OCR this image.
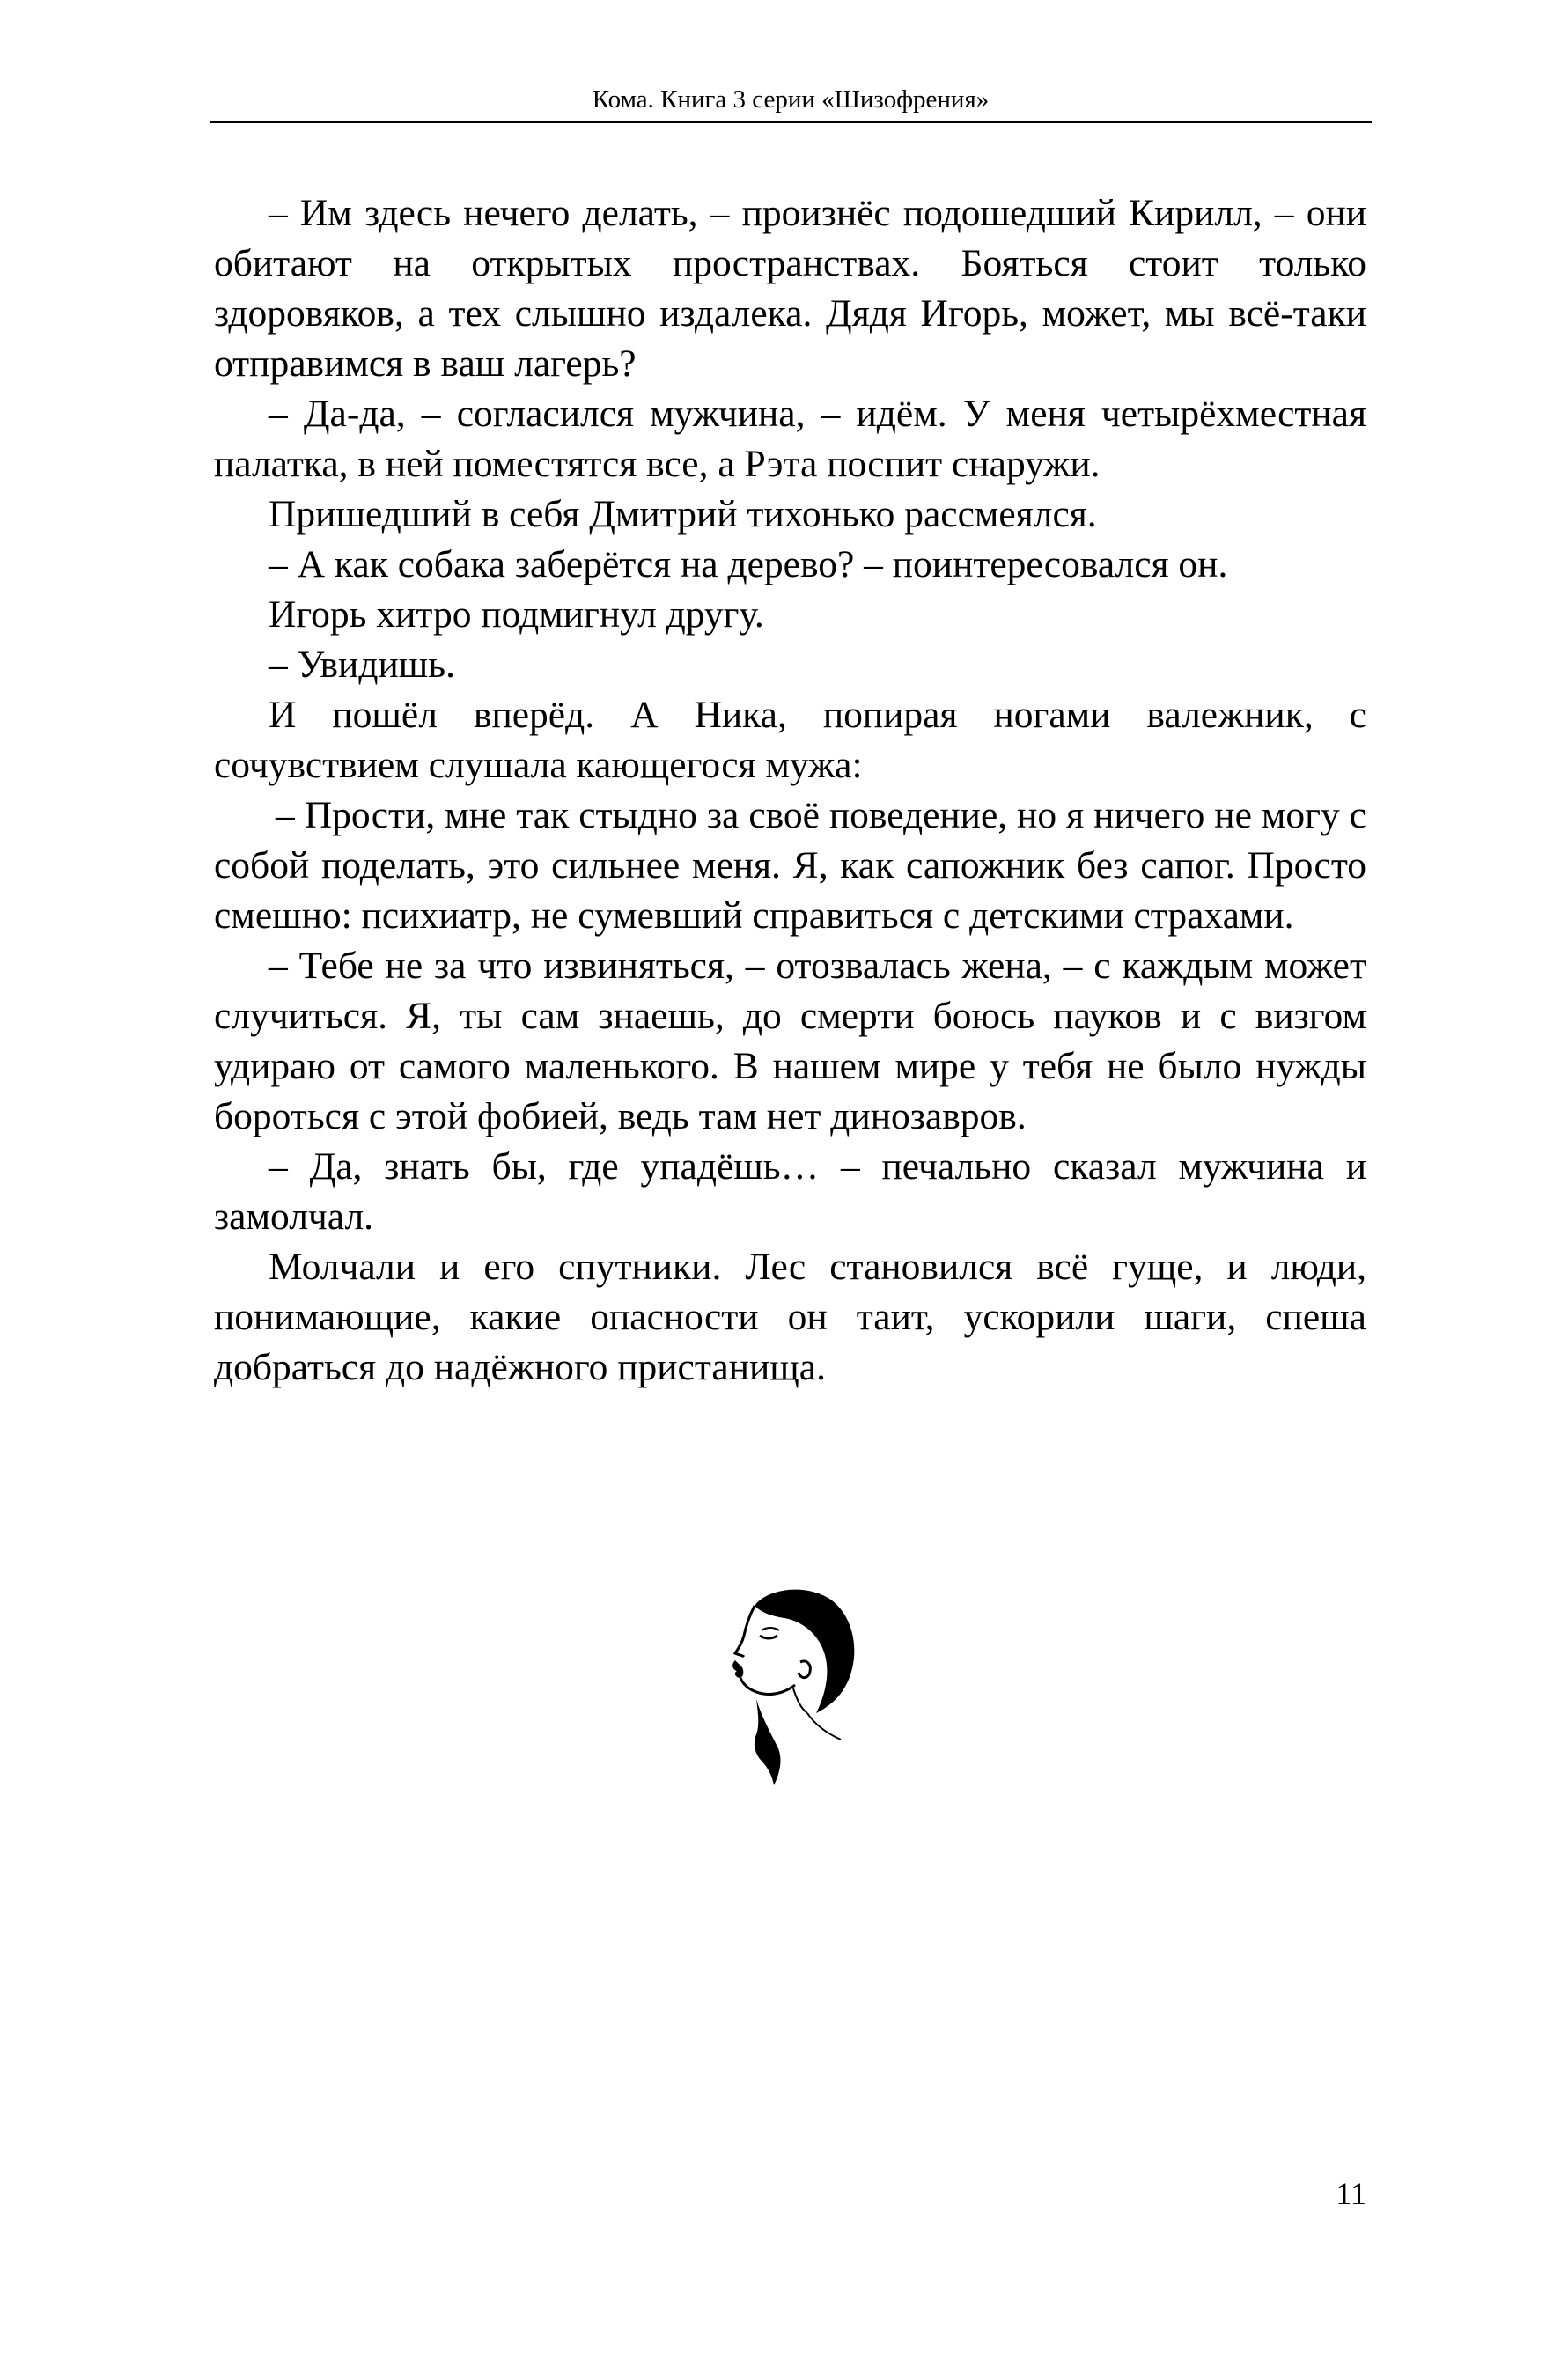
Кома. Книга 3 серии «Шизофрения»

– Им здесь нечего делать, – произнёс подошедший Кирилл, – они обитают на открытых пространствах. Бояться стоит только здоровяков, а тех слышно издалека. Дядя Игорь, может, мы всё-таки отправимся в ваш лагерь?

– Да-да, – согласился мужчина, – идём. У меня четырёхместная палатка, в ней поместятся все, а Рэта поспит снаружи.

Пришедший в себя Дмитрий тихонько рассмеялся.

– А как собака заберётся на дерево? – поинтересовался он.

Игорь хитро подмигнул другу.

– Увидишь.

И пошёл вперёд. А Ника, попирая ногами валежник, с сочувствием слушала кающегося мужа:

– Прости, мне так стыдно за своё поведение, но я ничего не могу с собой поделать, это сильнее меня. Я, как сапожник без сапог. Просто смешно: психиатр, не сумевший справиться с детскими страхами.

– Тебе не за что извиняться, – отозвалась жена, – с каждым может случиться. Я, ты сам знаешь, до смерти боюсь пауков и с визгом удираю от самого маленького. В нашем мире у тебя не было нужды бороться с этой фобией, ведь там нет динозавров.

– Да, знать бы, где упадёшь… – печально сказал мужчина и замолчал.

Молчали и его спутники. Лес становился всё гуще, и люди, понимающие, какие опасности он таит, ускорили шаги, спеша добраться до надёжного пристанища.

11
